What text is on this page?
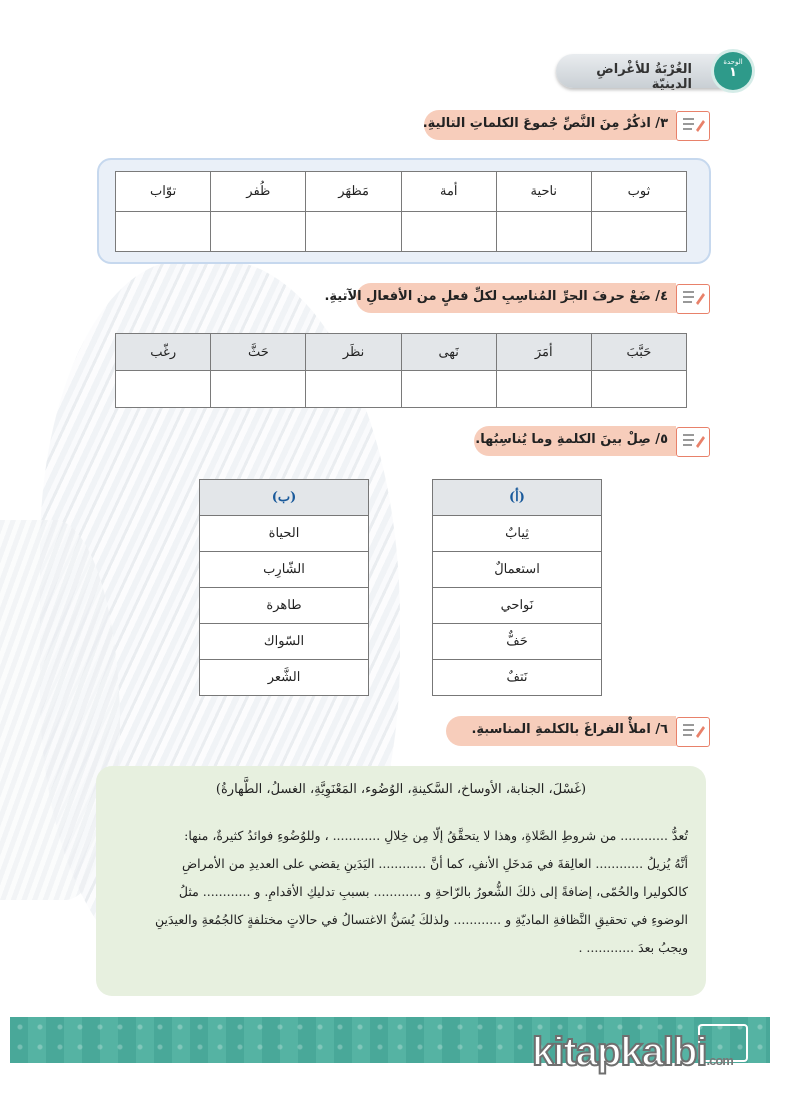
الغُرْبَةُ للأغْراضِ الدينيّة
الوحدة
١
٣/ اذكُرْ مِنَ النَّصِّ جُموعَ الكلماتِ التاليةِ.
ثوب	ناحية	أمة	مَظهَر	ظُفر	توّاب

٤/ ضَعْ حرفَ الجرِّ المُناسِبِ لكلِّ فعلٍ من الأفعالِ الآتيةِ.
حَبَّبَ	أمَرَ	نَهى	نظَر	حَثَّ	رغّب

٥/ صِلْ بينَ الكلمةِ وما يُناسِبُها.
(أ)
ثِيابٌ
استعمالٌ
نَواحي
حَفٌّ
نَتفٌ
(ب)
الحياة
الشّارِب
طاهرة
السّواك
الشَّعر
٦/ املأْ الفراغَ بالكلمةِ المناسبةِ.
(غَسْلَ، الجنابة، الأوساخ، السَّكينةِ، الوُضُوء، المَعْنَوِيَّةِ، الغسلُ، الطَّهارةُ)
تُعدُّ ............ من شروطِ الصَّلاةِ، وهذا لا يتحقَّقُ إلّا مِن خِلالِ ............ ، وللوُضُوءِ فوائدُ كثيرةٌ، منها:
أنَّهُ يُزيلُ ............ العالِقةَ في مَدخَلِ الأنفِ، كما أنَّ ............ اليَدَينِ يقضي على العديدِ من الأمراضِ
كالكوليرا والحُمّى، إضافةً إلى ذلكَ الشُّعورُ بالرّاحةِ و ............ بسببِ تدليكِ الأقدامِ. و ............ مثلُ
الوضوءِ في تحقيقِ النَّظافةِ الماديّةِ و ............ ولذلكَ يُسَنُّ الاغتسالُ في حالاتٍ مختلفةٍ كالجُمُعةِ والعيدَينِ
ويجبُ بعدَ ............ .
kitapkalbi.com
